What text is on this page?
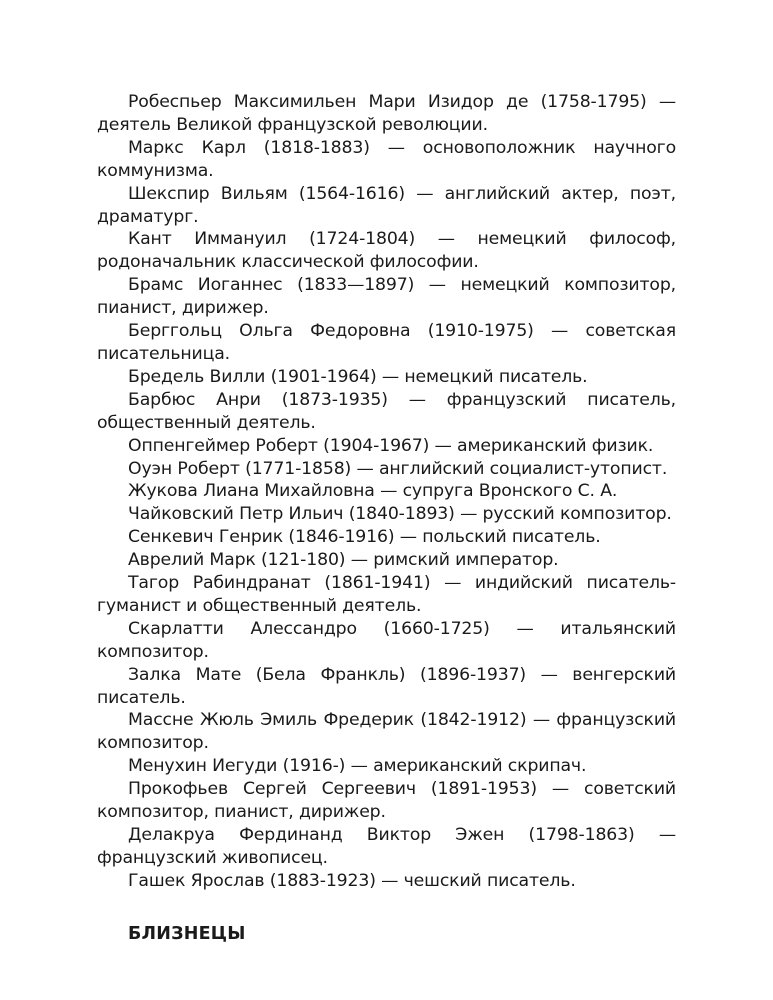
Робеспьер Максимильен Мари Изидор де (1758-1795) — деятель Великой французской революции.

Маркс Карл (1818-1883) — основоположник научного коммунизма.

Шекспир Вильям (1564-1616) — английский актер, поэт, драматург.

Кант Иммануил (1724-1804) — немецкий философ, родоначальник классической философии.

Брамс Иоганнес (1833—1897) — немецкий композитор, пианист, дирижер.

Берггольц Ольга Федоровна (1910-1975) — советская писательница.

Бредель Вилли (1901-1964) — немецкий писатель.

Барбюс Анри (1873-1935) — французский писатель, общественный деятель.

Оппенгеймер Роберт (1904-1967) — американский физик.

Оуэн Роберт (1771-1858) — английский социалист-утопист.

Жукова Лиана Михайловна — супруга Вронского С. А.

Чайковский Петр Ильич (1840-1893) — русский композитор.

Сенкевич Генрик (1846-1916) — польский писатель.

Аврелий Марк (121-180) — римский император.

Тагор Рабиндранат (1861-1941) — индийский писатель-гуманист и общественный деятель.

Скарлатти Алессандро (1660-1725) — итальянский композитор.

Залка Мате (Бела Франкль) (1896-1937) — венгерский писатель.

Массне Жюль Эмиль Фредерик (1842-1912) — французский композитор.

Менухин Иегуди (1916-) — американский скрипач.

Прокофьев Сергей Сергеевич (1891-1953) — советский композитор, пианист, дирижер.

Делакруа Фердинанд Виктор Эжен (1798-1863) — французский живописец.

Гашек Ярослав (1883-1923) — чешский писатель.

БЛИЗНЕЦЫ
